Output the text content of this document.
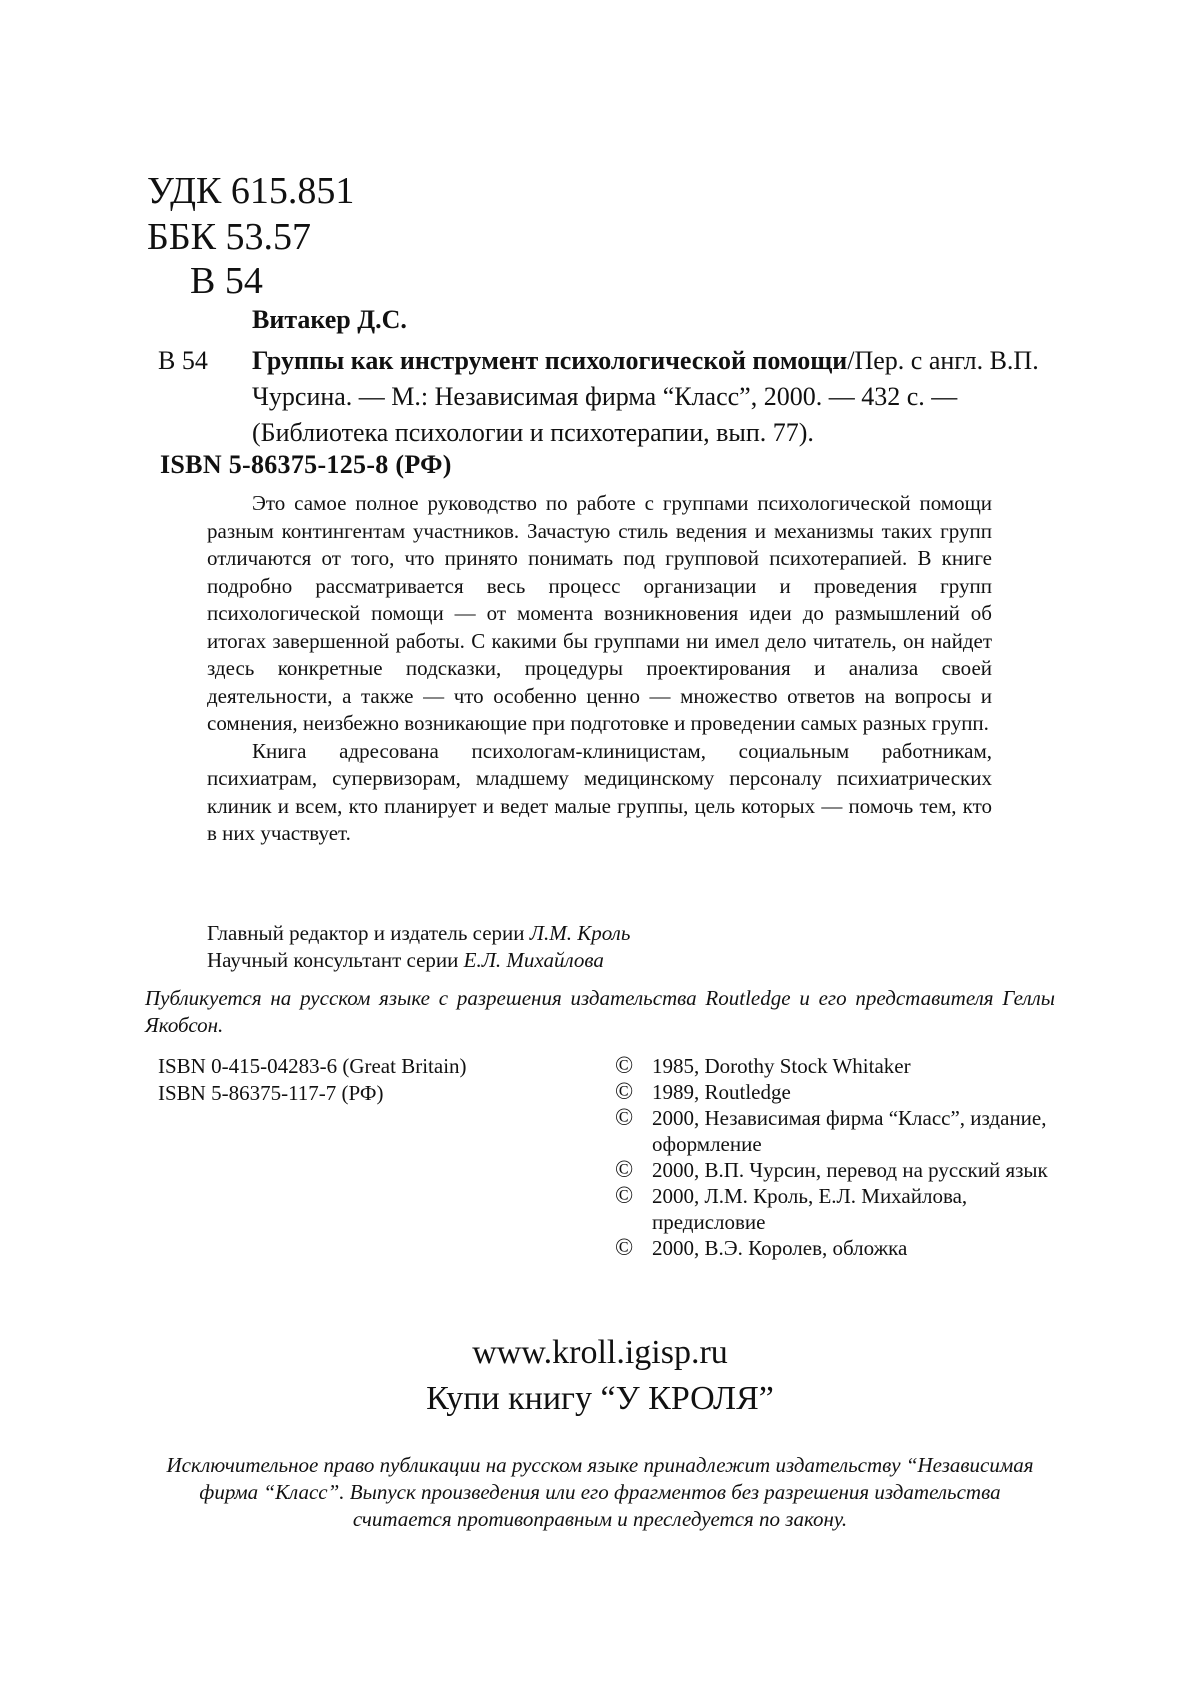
УДК 615.851
ББК 53.57
В 54
Витакер Д.С.
В 54 Группы как инструмент психологической помощи/Пер. с англ. В.П. Чурсина. — М.: Независимая фирма “Класс”, 2000. — 432 с. — (Библиотека психологии и психотерапии, вып. 77).
ISBN 5-86375-125-8 (РФ)

Это самое полное руководство по работе с группами психологической помощи разным контингентам участников. Зачастую стиль ведения и механизмы таких групп отличаются от того, что принято понимать под групповой психотерапией. В книге подробно рассматривается весь процесс организации и проведения групп психологической помощи — от момента возникновения идеи до размышлений об итогах завершенной работы. С какими бы группами ни имел дело читатель, он найдет здесь конкретные подсказки, процедуры проектирования и анализа своей деятельности, а также — что особенно ценно — множество ответов на вопросы и сомнения, неизбежно возникающие при подготовке и проведении самых разных групп.

Книга адресована психологам-клиницистам, социальным работникам, психиатрам, супервизорам, младшему медицинскому персоналу психиатрических клиник и всем, кто планирует и ведет малые группы, цель которых — помочь тем, кто в них участвует.

Главный редактор и издатель серии Л.М. Кроль
Научный консультант серии Е.Л. Михайлова
Публикуется на русском языке с разрешения издательства Routledge и его представителя Геллы Якобсон.
ISBN 0-415-04283-6 (Great Britain)
ISBN 5-86375-117-7 (РФ)
© 1985, Dorothy Stock Whitaker
© 1989, Routledge
© 2000, Независимая фирма “Класс”, издание, оформление
© 2000, В.П. Чурсин, перевод на русский язык
© 2000, Л.М. Кроль, Е.Л. Михайлова, предисловие
© 2000, В.Э. Королев, обложка
www.kroll.igisp.ru
Купи книгу “У КРОЛЯ”
Исключительное право публикации на русском языке принадлежит издательству “Независимая фирма “Класс”. Выпуск произведения или его фрагментов без разрешения издательства считается противоправным и преследуется по закону.
